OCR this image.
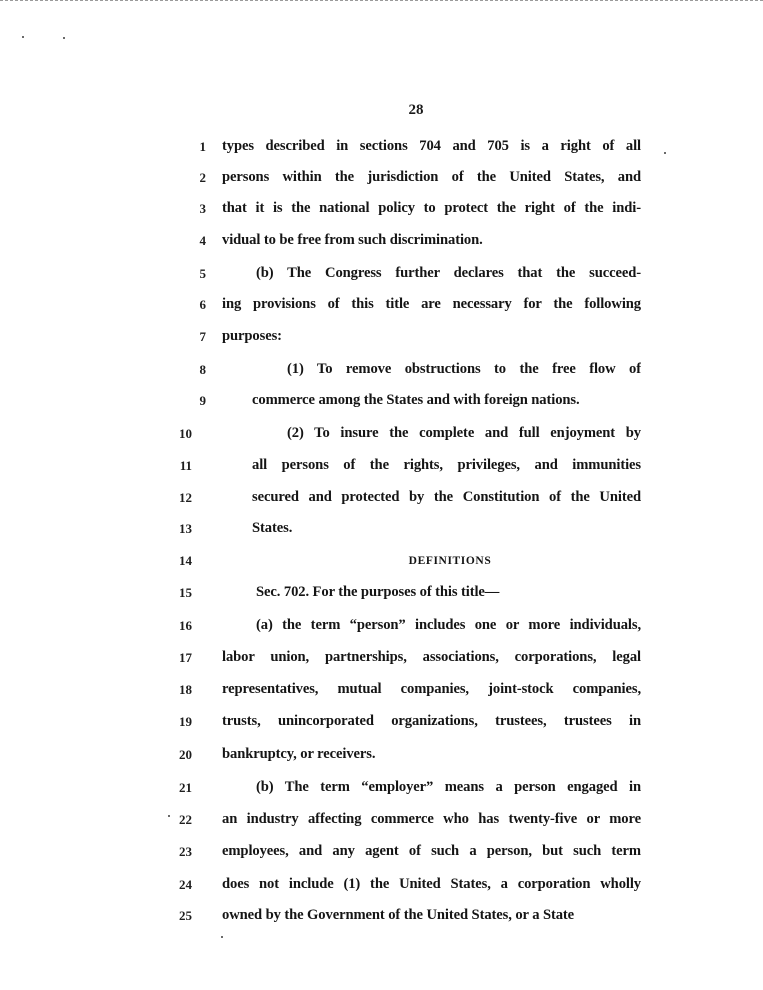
28
1 types described in sections 704 and 705 is a right of all
2 persons within the jurisdiction of the United States, and
3 that it is the national policy to protect the right of the indi-
4 vidual to be free from such discrimination.
5	(b) The Congress further declares that the succeed-
6 ing provisions of this title are necessary for the following
7 purposes:
8	(1) To remove obstructions to the free flow of
9	commerce among the States and with foreign nations.
10	(2) To insure the complete and full enjoyment by
11	all persons of the rights, privileges, and immunities
12	secured and protected by the Constitution of the United
13	States.
14	DEFINITIONS
15	Sec. 702. For the purposes of this title—
16	(a) the term “person” includes one or more individuals,
17 labor union, partnerships, associations, corporations, legal
18 representatives, mutual companies, joint-stock companies,
19 trusts, unincorporated organizations, trustees, trustees in
20 bankruptcy, or receivers.
21	(b) The term “employer” means a person engaged in
22 an industry affecting commerce who has twenty-five or more
23 employees, and any agent of such a person, but such term
24 does not include (1) the United States, a corporation wholly
25 owned by the Government of the United States, or a State
